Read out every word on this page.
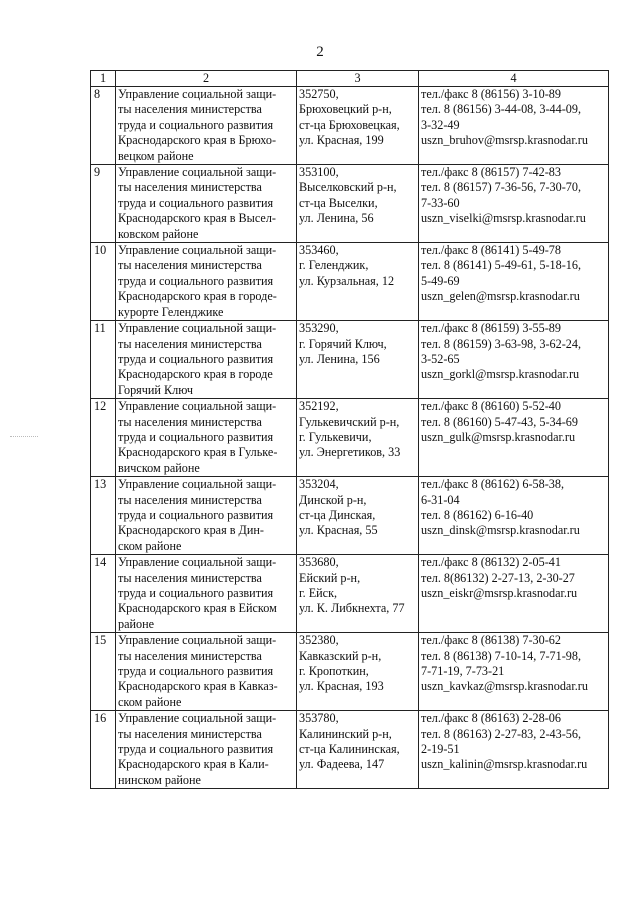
2
1	2	3	4
8	Управление социальной защи-
ты населения министерства
труда и социального развития
Краснодарского края в Брюхо-
вецком районе	352750,
Брюховецкий р-н,
ст-ца Брюховецкая,
ул. Красная, 199	тел./факс 8 (86156) 3-10-89
тел. 8 (86156) 3-44-08, 3-44-09,
3-32-49
uszn_bruhov@msrsp.krasnodar.ru

9	Управление социальной защи-
ты населения министерства
труда и социального развития
Краснодарского края в Высел-
ковском районе	353100,
Выселковский р-н,
ст-ца Выселки,
ул. Ленина, 56	тел./факс 8 (86157) 7-42-83
тел. 8 (86157) 7-36-56, 7-30-70,
7-33-60
uszn_viselki@msrsp.krasnodar.ru

10	Управление социальной защи-
ты населения министерства
труда и социального развития
Краснодарского края в городе-
курорте Геленджике	353460,
г. Геленджик,
ул. Курзальная, 12	тел./факс 8 (86141) 5-49-78
тел. 8 (86141) 5-49-61, 5-18-16,
5-49-69
uszn_gelen@msrsp.krasnodar.ru

11	Управление социальной защи-
ты населения министерства
труда и социального развития
Краснодарского края в городе
Горячий Ключ	353290,
г. Горячий Ключ,
ул. Ленина, 156	тел./факс 8 (86159) 3-55-89
тел. 8 (86159) 3-63-98, 3-62-24,
3-52-65
uszn_gorkl@msrsp.krasnodar.ru

12	Управление социальной защи-
ты населения министерства
труда и социального развития
Краснодарского края в Гульке-
вичском районе	352192,
Гулькевичский р-н,
г. Гулькевичи,
ул. Энергетиков, 33	тел./факс 8 (86160) 5-52-40
тел. 8 (86160) 5-47-43, 5-34-69
uszn_gulk@msrsp.krasnodar.ru

13	Управление социальной защи-
ты населения министерства
труда и социального развития
Краснодарского края в Дин-
ском районе	353204,
Динской р-н,
ст-ца Динская,
ул. Красная, 55	тел./факс 8 (86162) 6-58-38,
6-31-04
тел. 8 (86162) 6-16-40
uszn_dinsk@msrsp.krasnodar.ru

14	Управление социальной защи-
ты населения министерства
труда и социального развития
Краснодарского края в Ейском
районе	353680,
Ейский р-н,
г. Ейск,
ул. К. Либкнехта, 77	тел./факс 8 (86132) 2-05-41
тел. 8(86132) 2-27-13, 2-30-27
uszn_eiskr@msrsp.krasnodar.ru

15	Управление социальной защи-
ты населения министерства
труда и социального развития
Краснодарского края в Кавказ-
ском районе	352380,
Кавказский р-н,
г. Кропоткин,
ул. Красная, 193	тел./факс 8 (86138) 7-30-62
тел. 8 (86138) 7-10-14, 7-71-98,
7-71-19, 7-73-21
uszn_kavkaz@msrsp.krasnodar.ru

16	Управление социальной защи-
ты населения министерства
труда и социального развития
Краснодарского края в Кали-
нинском районе	353780,
Калининский р-н,
ст-ца Калининская,
ул. Фадеева, 147	тел./факс 8 (86163) 2-28-06
тел. 8 (86163) 2-27-83, 2-43-56,
2-19-51
uszn_kalinin@msrsp.krasnodar.ru
